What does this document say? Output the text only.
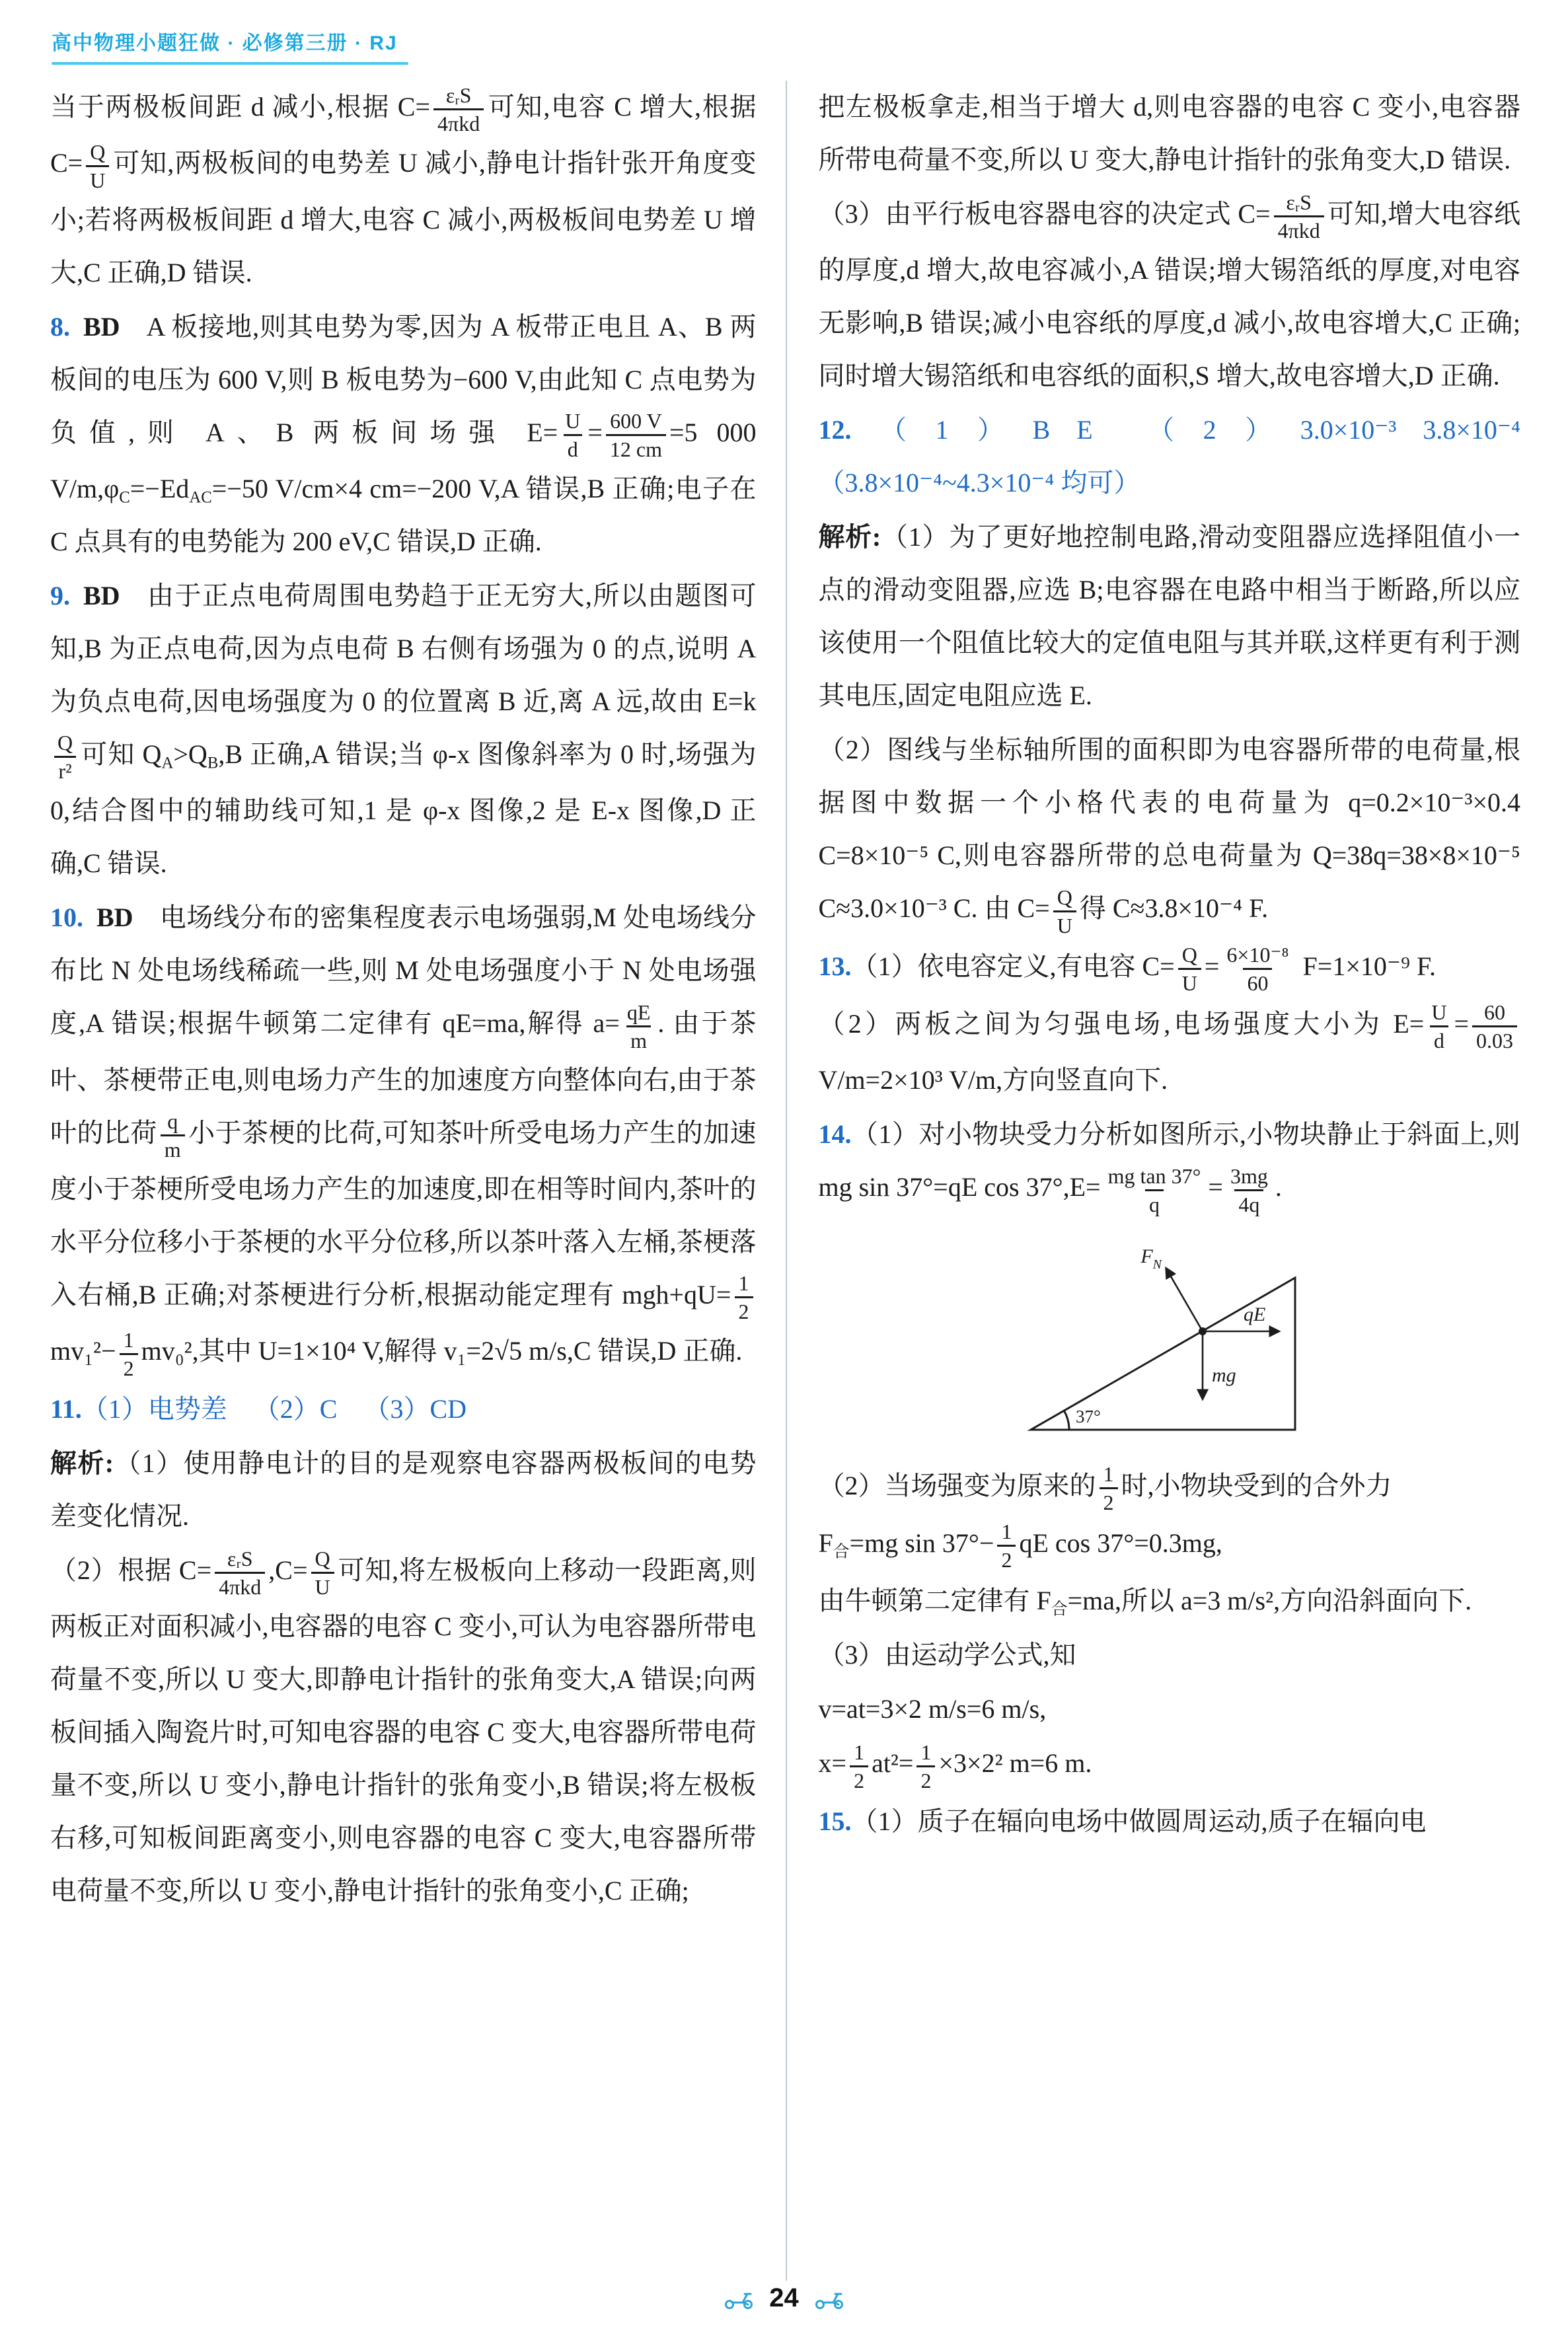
高中物理小题狂做 · 必修第三册 · RJ

当于两极板间距 d 减小,根据 $C= \frac{\text{εᵣS}}{\text{4πkd}}$ 可知,电容 C 增大,根据 $C= \frac{Q}{U}$ 可知,两极板间的电势差 U 减小,静电计指针张开角度变小;若将两极板间距 d 增大,电容 C 减小,两极板间电势差 U 增大,C 正确,D 错误.

8. BD A 板接地,则其电势为零,因为 A 板带正电且 A、B 两板间的电压为 600 V,则 B 板电势为−600 V,由此知 C 点电势为负值,则 A、B 两板间场强 $E= \frac{U}{d} = \frac{600 V}{12 cm} =5$ 000 $V/m,\varphi_C=-Ed_{AC}=-50$ V/cm×4 cm=−200 V,A 错误,B 正确;电子在 C 点具有的电势能为 200 eV,C 错误,D 正确.

9. BD 由于正点电荷周围电势趋于正无穷大,所以由题图可知,B 为正点电荷,因为点电荷 B 右侧有场强为 0 的点,说明 A 为负点电荷,因电场强度为 0 的位置离 B 近,离 A 远,故由 E=k
$\frac{Q}{\text{r²}}$ 可知 $Q_A>Q_B,B$ 正确,A 错误;当 φ-x 图像斜率为 0 时,场强为 0,结合图中的辅助线可知,1 是 φ-x 图像,2 是 E-x 图像,D 正确,C 错误.

10. BD 电场线分布的密集程度表示电场强弱,M 处电场线分布比 N 处电场线稀疏一些,则 M 处电场强度小于 N 处电场强度,A 错误;根据牛顿第二定律有 qE=ma,解得 $a= \frac{qE}{m}$ . 由于茶叶、茶梗带正电,则电场力产生的加速度方向整体向右,由于茶叶的比荷 $\frac{q}{m}$ 小于茶梗的比荷,可知茶叶所受电场力产生的加速度小于茶梗所受电场力产生的加速度,即在相等时间内,茶叶的水平分位移小于茶梗的水平分位移,所以茶叶落入左桶,茶梗落入右桶,B 正确;对茶梗进行分析,根据动能定理有 $mgh+qU= \frac{1}{2}$
$mv_1^2- \frac{1}{2} mv_0^2$,其中 U=1×10⁴ V,解得 v₁=2√5 m/s,C 错误,D 正确.

11.（1）电势差 （2）C （3）CD

解析:（1）使用静电计的目的是观察电容器两极板间的电势差变化情况.

（2）根据 $C= \frac{\text{εᵣS}}{\text{4πkd}} ,C= \frac{Q}{U}$ 可知,将左极板向上移动一段距离,则两板正对面积减小,电容器的电容 C 变小,可认为电容器所带电荷量不变,所以 U 变大,即静电计指针的张角变大,A 错误;向两板间插入陶瓷片时,可知电容器的电容 C 变大,电容器所带电荷量不变,所以 U 变小,静电计指针的张角变小,B 错误;将左极板右移,可知板间距离变小,则电容器的电容 C 变大,电容器所带电荷量不变,所以 U 变小,静电计指针的张角变小,C 正确;

把左极板拿走,相当于增大 d,则电容器的电容 C 变小,电容器所带电荷量不变,所以 U 变大,静电计指针的张角变大,D 错误.

（3）由平行板电容器电容的决定式 $C= \frac{\text{εᵣS}}{\text{4πkd}}$ 可知,增大电容纸的厚度,d 增大,故电容减小,A 错误;增大锡箔纸的厚度,对电容无影响,B 错误;减小电容纸的厚度,d 减小,故电容增大,C 正确;同时增大锡箔纸和电容纸的面积,S 增大,故电容增大,D 正确.

12.（1）B E （2）3.0×10⁻³ 3.8×10⁻⁴（3.8×10⁻⁴~4.3×10⁻⁴ 均可）

解析:（1）为了更好地控制电路,滑动变阻器应选择阻值小一点的滑动变阻器,应选 B;电容器在电路中相当于断路,所以应该使用一个阻值比较大的定值电阻与其并联,这样更有利于测其电压,固定电阻应选 E.

（2）图线与坐标轴所围的面积即为电容器所带的电荷量,根据图中数据一个小格代表的电荷量为 q=0.2×10⁻³×0.4 C=8×10⁻⁵ C,则电容器所带的总电荷量为 Q=38q=38×8×10⁻⁵ C≈3.0×10⁻³ C. 由 $C= \frac{Q}{U}$ 得 C≈3.8×10⁻⁴ F.

13.（1）依电容定义,有电容 $C= \frac{Q}{U} = \frac{\text{6×10⁻⁸}}{60} F=1\times 10^{-9}$ F.

（2）两板之间为匀强电场,电场强度大小为 $E= \frac{U}{d} = \frac{60}{0.03}$
V/m=2×10³ V/m,方向竖直向下.

14.（1）对小物块受力分析如图所示,小物块静止于斜面上,则 mg sin 37°=qE $\cos 37^\circ,E= \frac{\text{mg tan 37°}}{q} = \frac{3mg}{4q}$ .

$F_N$
qE
mg
37°

（2）当场强变为原来的 $\frac{1}{2}$ 时,小物块受到的合外力

$F_合=mg$ $\sin 37^\circ- \frac{1}{2}$ qE cos 37°=0.3mg,

由牛顿第二定律有 $F_合=ma$,所以 a=3 m/s²,方向沿斜面向下.

（3）由运动学公式,知

v=at=3×2 m/s=6 m/s,

$x= \frac{1}{2} at^2= \frac{1}{2} \times 3\times 2^2$ m=6 m.

15.（1）质子在辐向电场中做圆周运动,质子在辐向电

24
